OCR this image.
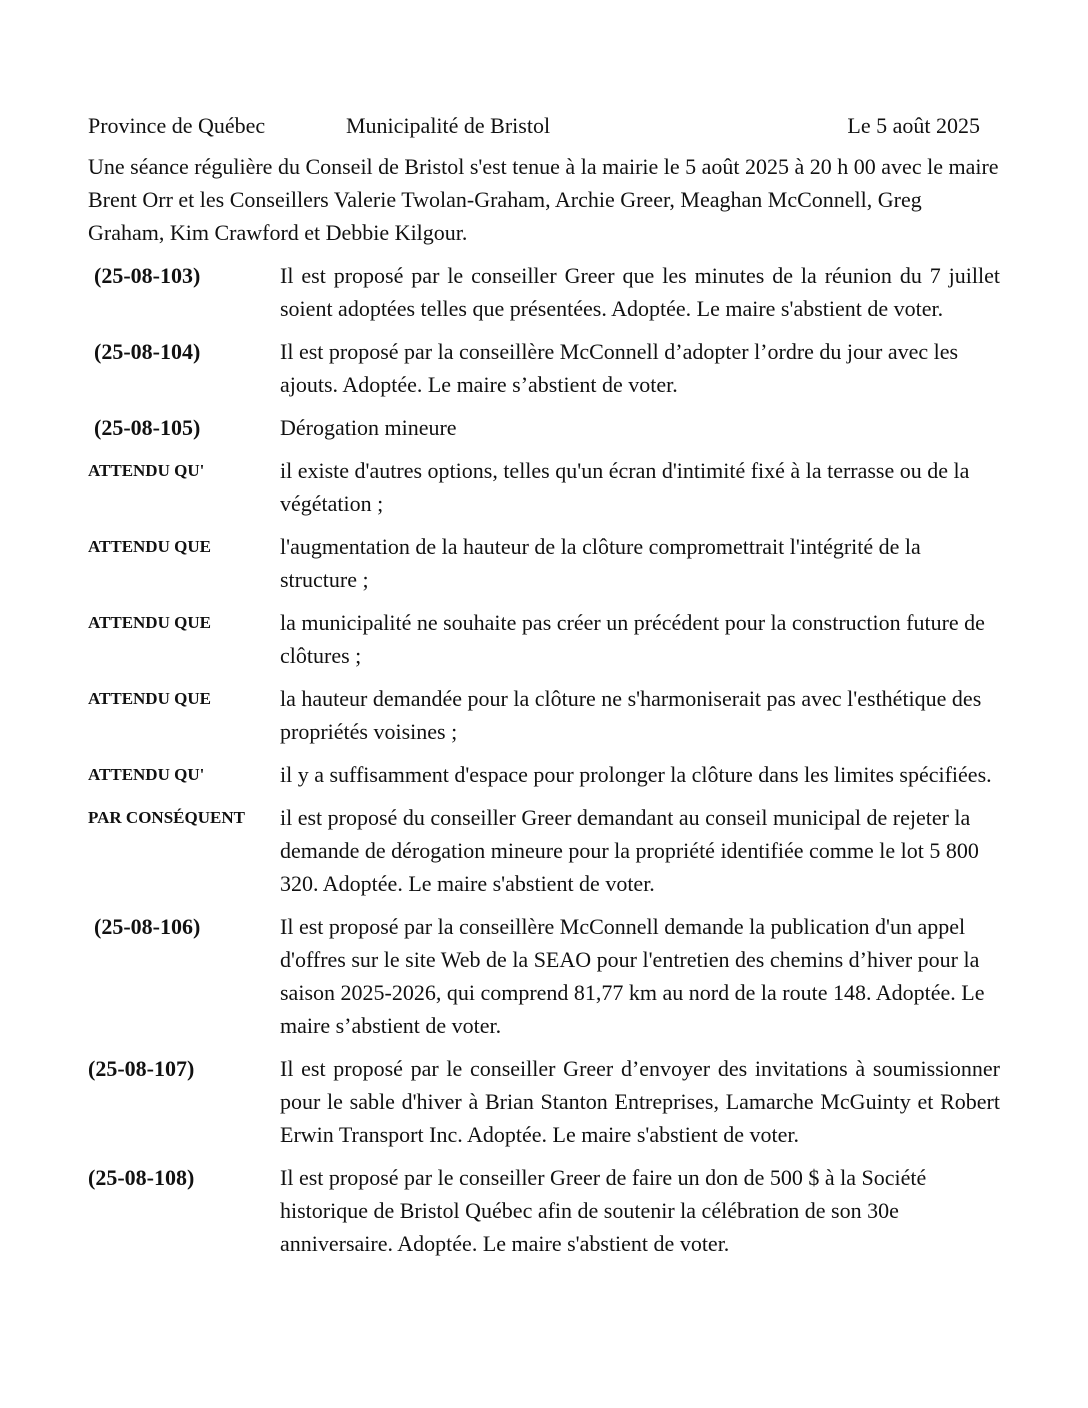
Province de Québec	Municipalité de Bristol	Le 5 août 2025
Une séance régulière du Conseil de Bristol s'est tenue à la mairie le 5 août 2025 à 20 h 00 avec le maire Brent Orr et les Conseillers Valerie Twolan-Graham, Archie Greer, Meaghan McConnell, Greg Graham, Kim Crawford et Debbie Kilgour.
(25-08-103)	Il est proposé par le conseiller Greer que les minutes de la réunion du 7 juillet soient adoptées telles que présentées. Adoptée. Le maire s'abstient de voter.
(25-08-104)	Il est proposé par la conseillère McConnell d’adopter l’ordre du jour avec les ajouts. Adoptée. Le maire s’abstient de voter.
(25-08-105)	Dérogation mineure
ATTENDU QU'	il existe d'autres options, telles qu'un écran d'intimité fixé à la terrasse ou de la végétation ;
ATTENDU QUE	l'augmentation de la hauteur de la clôture compromettrait l'intégrité de la structure ;
ATTENDU QUE	la municipalité ne souhaite pas créer un précédent pour la construction future de clôtures ;
ATTENDU QUE	la hauteur demandée pour la clôture ne s'harmoniserait pas avec l'esthétique des propriétés voisines ;
ATTENDU QU'	il y a suffisamment d'espace pour prolonger la clôture dans les limites spécifiées.
PAR CONSÉQUENT	il est proposé du conseiller Greer demandant au conseil municipal de rejeter la demande de dérogation mineure pour la propriété identifiée comme le lot 5 800 320. Adoptée. Le maire s'abstient de voter.
(25-08-106)	Il est proposé par la conseillère McConnell demande la publication d'un appel d'offres sur le site Web de la SEAO pour l'entretien des chemins d’hiver pour la saison 2025-2026, qui comprend 81,77 km au nord de la route 148. Adoptée. Le maire s’abstient de voter.
(25-08-107)	Il est proposé par le conseiller Greer d’envoyer des invitations à soumissionner pour le sable d'hiver à Brian Stanton Entreprises, Lamarche McGuinty et Robert Erwin Transport Inc. Adoptée. Le maire s'abstient de voter.
(25-08-108)	Il est proposé par le conseiller Greer de faire un don de 500 $ à la Société historique de Bristol Québec afin de soutenir la célébration de son 30e anniversaire. Adoptée. Le maire s'abstient de voter.
